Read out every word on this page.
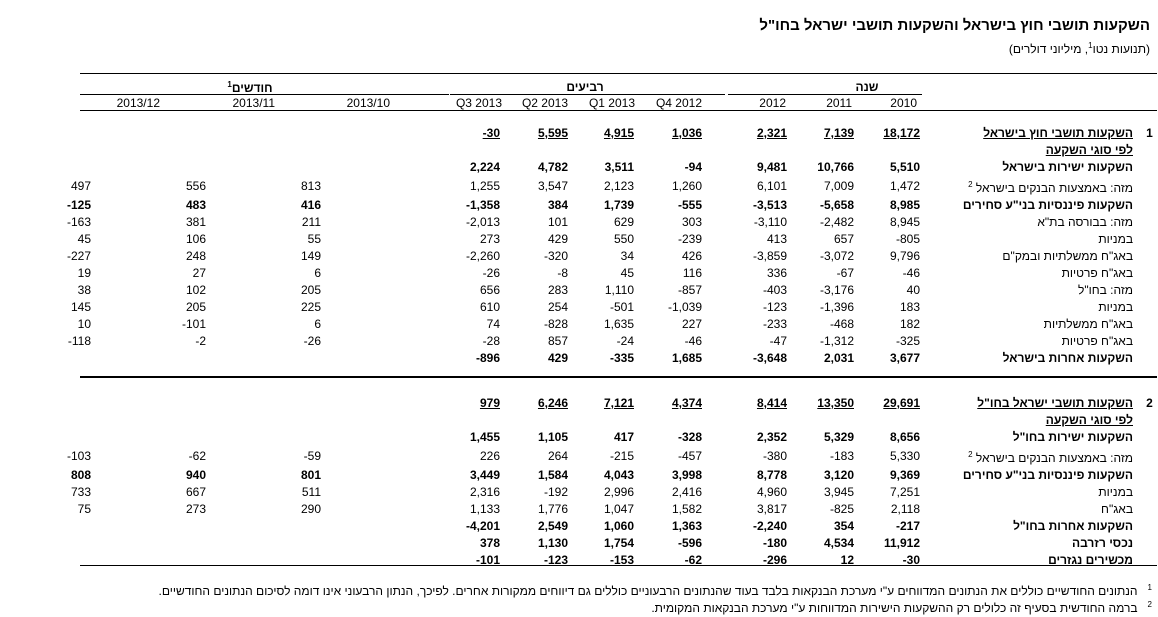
השקעות תושבי חוץ בישראל והשקעות תושבי ישראל בחו"ל
(תנועות נטו$^1$, מיליוני דולרים)
שנה
רביעים
$^1$חודשים
2010
2011
2012
Q4 2012
Q1 2013
Q2 2013
Q3 2013
2013/10
2013/11
2013/12
			-30	5,595	4,915	1,036	2,321	7,139	18,172	השקעות תושבי חוץ בישראל	1
										לפי סוגי השקעה	
			2,224	4,782	3,511	-94	9,481	10,766	5,510	השקעות ישירות בישראל	
497	556	813	1,255	3,547	2,123	1,260	6,101	7,009	1,472	מזה: באמצעות הבנקים בישראל $^2$	
-125	483	416	-1,358	384	1,739	-555	-3,513	-5,658	8,985	השקעות פיננסיות בני"ע סחירים	
-163	381	211	-2,013	101	629	303	-3,110	-2,482	8,945	מזה: בבורסה בת"א	
45	106	55	273	429	550	-239	413	657	-805	במניות	
-227	248	149	-2,260	-320	34	426	-3,859	-3,072	9,796	באג"ח ממשלתיות ובמק"ם	
19	27	6	-26	-8	45	116	336	-67	-46	באג"ח פרטיות	
38	102	205	656	283	1,110	-857	-403	-3,176	40	מזה: בחו"ל	
145	205	225	610	254	-501	-1,039	-123	-1,396	183	במניות	
10	-101	6	74	-828	1,635	227	-233	-468	182	באג"ח ממשלתיות	
-118	-2	-26	-28	857	-24	-46	-47	-1,312	-325	באג"ח פרטיות	
			-896	429	-335	1,685	-3,648	2,031	3,677	השקעות אחרות בישראל	

			979	6,246	7,121	4,374	8,414	13,350	29,691	השקעות תושבי ישראל בחו"ל	2
										לפי סוגי השקעה	
			1,455	1,105	417	-328	2,352	5,329	8,656	השקעות ישירות בחו"ל	
-103	-62	-59	226	264	-215	-457	-380	-183	5,330	מזה: באמצעות הבנקים בישראל $^2$	
808	940	801	3,449	1,584	4,043	3,998	8,778	3,120	9,369	השקעות פיננסיות בני"ע סחירים	
733	667	511	2,316	-192	2,996	2,416	4,960	3,945	7,251	במניות	
75	273	290	1,133	1,776	1,047	1,582	3,817	-825	2,118	באג"ח	
			-4,201	2,549	1,060	1,363	-2,240	354	-217	השקעות אחרות בחו"ל	
			378	1,130	1,754	-596	-180	4,534	11,912	נכסי רזרבה	
			-101	-123	-153	-62	-296	12	-30	מכשירים נגזרים	
$^1$הנתונים החודשיים כוללים את הנתונים המדווחים ע"י מערכת הבנקאות בלבד בעוד שהנתונים הרבעוניים כוללים גם דיווחים ממקורות אחרים. לפיכך, הנתון הרבעוני אינו דומה לסיכום הנתונים החודשיים.
$^2$ברמה החודשית בסעיף זה כלולים רק ההשקעות הישירות המדווחות ע"י מערכת הבנקאות המקומית.
